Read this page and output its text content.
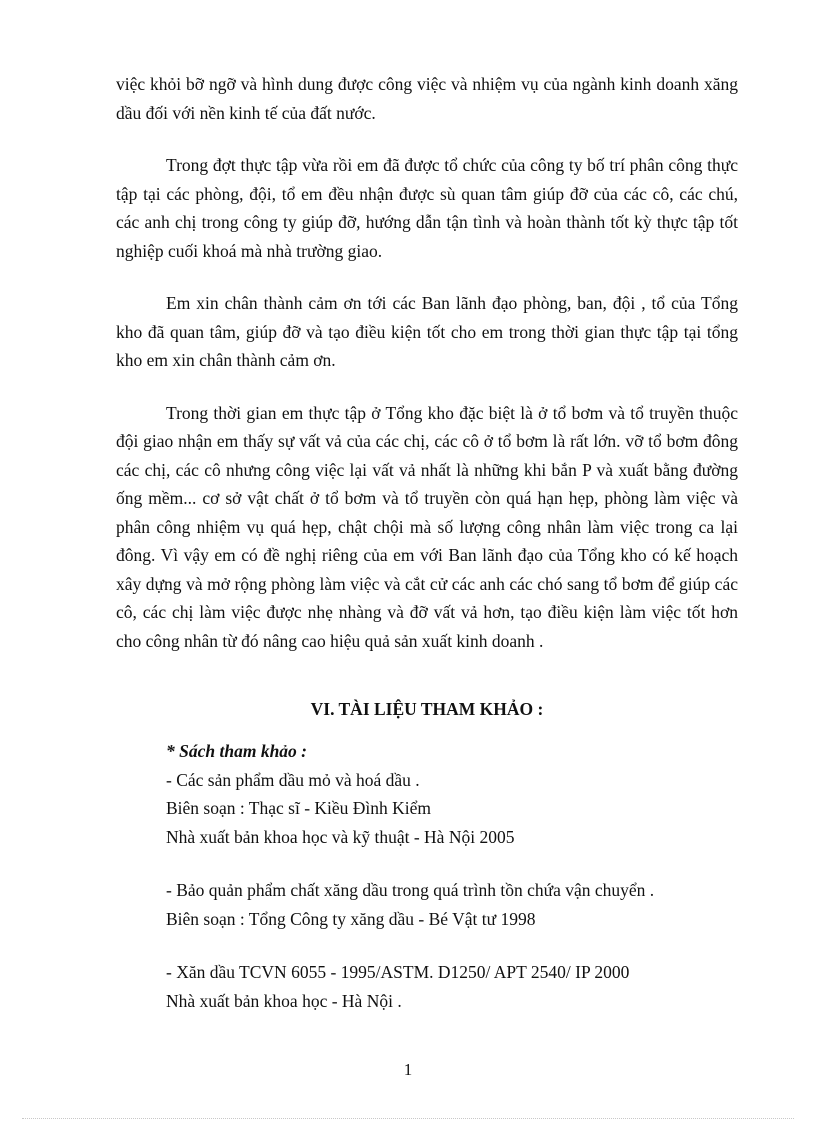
việc khỏi bỡ ngỡ và hình dung được công việc và nhiệm vụ của ngành kinh doanh xăng dầu đối với nền kinh tế của đất nước.

Trong đợt thực tập vừa rồi em đã được tổ chức của công ty bố trí phân công thực tập tại các phòng, đội, tổ em đều nhận được sù quan tâm giúp đỡ của các cô, các chú, các anh chị trong công ty giúp đỡ, hướng dẫn tận tình và hoàn thành tốt kỳ thực tập tốt nghiệp cuối khoá mà nhà trường giao.

Em xin chân thành cảm ơn tới các Ban lãnh đạo phòng, ban, đội , tổ của Tổng kho đã quan tâm, giúp đỡ và tạo điều kiện tốt cho em trong thời gian thực tập tại tổng kho em xin chân thành cảm ơn.

Trong thời gian em thực tập ở Tổng kho đặc biệt là ở tổ bơm và tổ truyền thuộc đội giao nhận em thấy sự vất vả của các chị, các cô ở tổ bơm là rất lớn. vỡ tổ bơm đông các chị, các cô nhưng công việc lại vất vả nhất là những khi bắn P và xuất bằng đường ống mềm... cơ sở vật chất ở tổ bơm và tổ truyền còn quá hạn hẹp, phòng làm việc và phân công nhiệm vụ quá hẹp, chật chội mà số lượng công nhân làm việc trong ca lại đông. Vì vậy em có đề nghị riêng của em với Ban lãnh đạo của Tổng kho có kế hoạch xây dựng và mở rộng phòng làm việc và cắt cử các anh các chó sang tổ bơm để giúp các cô, các chị làm việc được nhẹ nhàng và đỡ vất vả hơn, tạo điều kiện làm việc tốt hơn cho công nhân từ đó nâng cao hiệu quả sản xuất kinh doanh .

VI. TÀI LIỆU THAM KHẢO :
* Sách tham khảo :
- Các sản phẩm dầu mỏ và hoá dầu .
Biên soạn : Thạc sĩ - Kiều Đình Kiểm
Nhà xuất bản khoa học và kỹ thuật - Hà Nội 2005
- Bảo quản phẩm chất xăng dầu trong quá trình tồn chứa vận chuyển .
Biên soạn : Tổng Công ty xăng dầu - Bé Vật tư 1998
- Xăn dầu TCVN 6055 - 1995/ASTM. D1250/ APT 2540/ IP 2000
Nhà xuất bản khoa học - Hà Nội .
1
